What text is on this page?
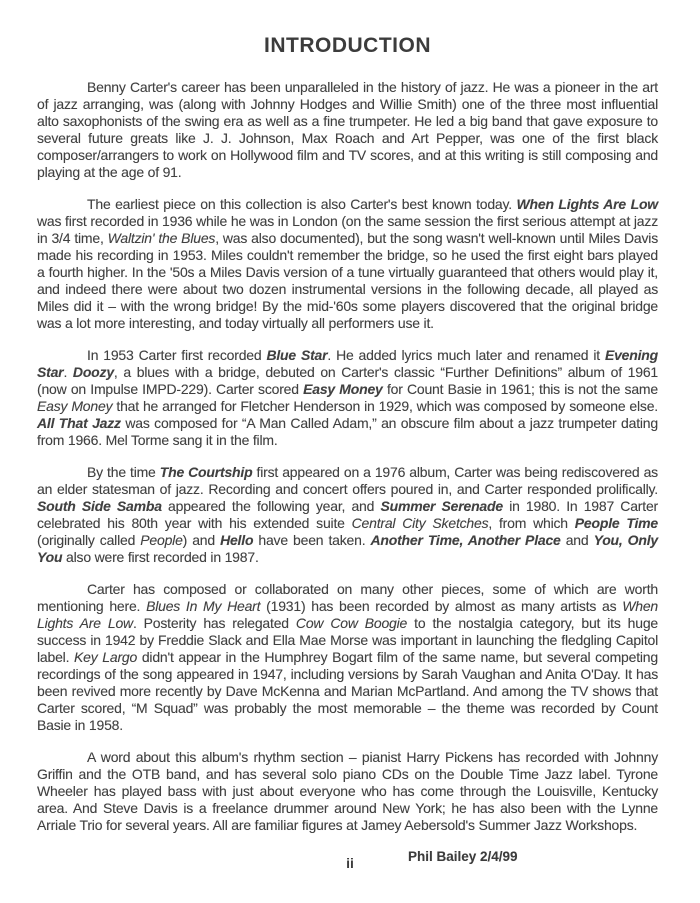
INTRODUCTION

Benny Carter's career has been unparalleled in the history of jazz. He was a pioneer in the art of jazz arranging, was (along with Johnny Hodges and Willie Smith) one of the three most influential alto saxophonists of the swing era as well as a fine trumpeter. He led a big band that gave exposure to several future greats like J. J. Johnson, Max Roach and Art Pepper, was one of the first black composer/arrangers to work on Hollywood film and TV scores, and at this writing is still composing and playing at the age of 91.

The earliest piece on this collection is also Carter's best known today. When Lights Are Low was first recorded in 1936 while he was in London (on the same session the first serious attempt at jazz in 3/4 time, Waltzin' the Blues, was also documented), but the song wasn't well-known until Miles Davis made his recording in 1953. Miles couldn't remember the bridge, so he used the first eight bars played a fourth higher. In the '50s a Miles Davis version of a tune virtually guaranteed that others would play it, and indeed there were about two dozen instrumental versions in the following decade, all played as Miles did it – with the wrong bridge! By the mid-'60s some players discovered that the original bridge was a lot more interesting, and today virtually all performers use it.

In 1953 Carter first recorded Blue Star. He added lyrics much later and renamed it Evening Star. Doozy, a blues with a bridge, debuted on Carter's classic “Further Definitions” album of 1961 (now on Impulse IMPD-229). Carter scored Easy Money for Count Basie in 1961; this is not the same Easy Money that he arranged for Fletcher Henderson in 1929, which was composed by someone else. All That Jazz was composed for “A Man Called Adam,” an obscure film about a jazz trumpeter dating from 1966. Mel Torme sang it in the film.

By the time The Courtship first appeared on a 1976 album, Carter was being rediscovered as an elder statesman of jazz. Recording and concert offers poured in, and Carter responded prolifically. South Side Samba appeared the following year, and Summer Serenade in 1980. In 1987 Carter celebrated his 80th year with his extended suite Central City Sketches, from which People Time (originally called People) and Hello have been taken. Another Time, Another Place and You, Only You also were first recorded in 1987.

Carter has composed or collaborated on many other pieces, some of which are worth mentioning here. Blues In My Heart (1931) has been recorded by almost as many artists as When Lights Are Low. Posterity has relegated Cow Cow Boogie to the nostalgia category, but its huge success in 1942 by Freddie Slack and Ella Mae Morse was important in launching the fledgling Capitol label. Key Largo didn't appear in the Humphrey Bogart film of the same name, but several competing recordings of the song appeared in 1947, including versions by Sarah Vaughan and Anita O'Day. It has been revived more recently by Dave McKenna and Marian McPartland. And among the TV shows that Carter scored, “M Squad” was probably the most memorable – the theme was recorded by Count Basie in 1958.

A word about this album's rhythm section – pianist Harry Pickens has recorded with Johnny Griffin and the OTB band, and has several solo piano CDs on the Double Time Jazz label. Tyrone Wheeler has played bass with just about everyone who has come through the Louisville, Kentucky area. And Steve Davis is a freelance drummer around New York; he has also been with the Lynne Arriale Trio for several years. All are familiar figures at Jamey Aebersold's Summer Jazz Workshops.

Phil Bailey 2/4/99
ii
